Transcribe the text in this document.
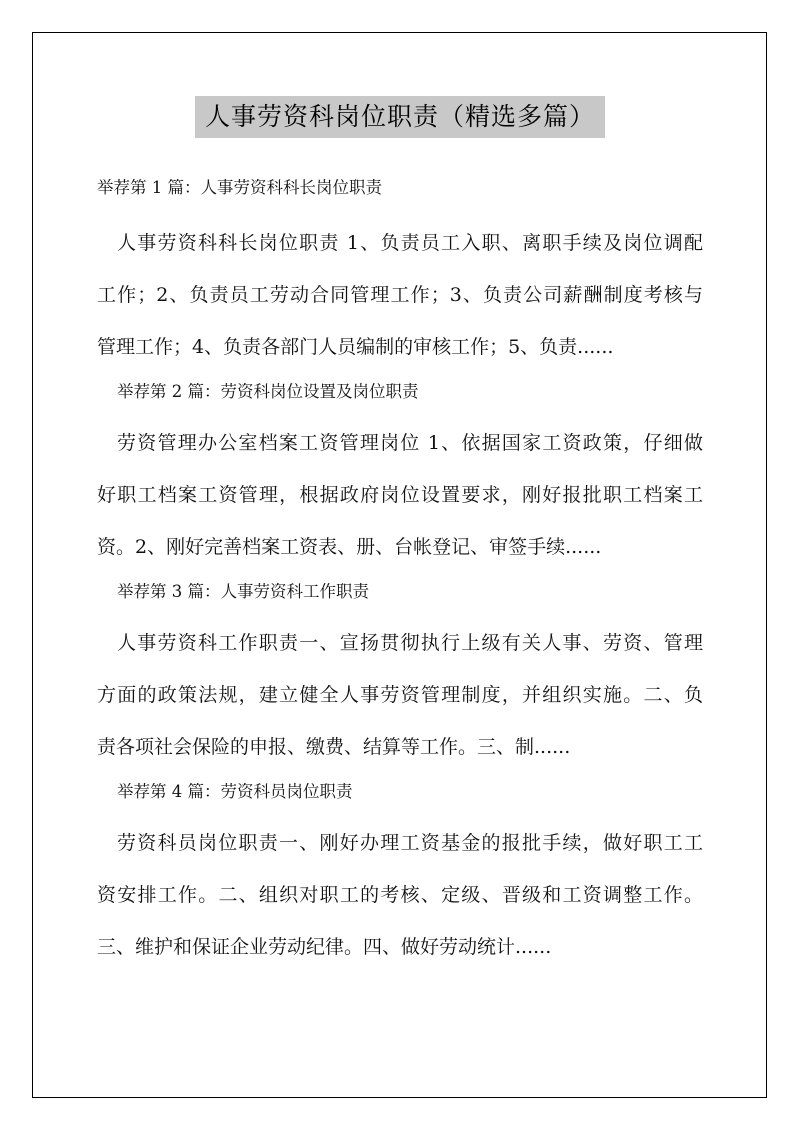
人事劳资科岗位职责（精选多篇）
举荐第 1 篇：人事劳资科科长岗位职责
人事劳资科科长岗位职责 1、负责员工入职、离职手续及岗位调配
工作；2、负责员工劳动合同管理工作；3、负责公司薪酬制度考核与
管理工作；4、负责各部门人员编制的审核工作；5、负责......
举荐第 2 篇：劳资科岗位设置及岗位职责
劳资管理办公室档案工资管理岗位 1、依据国家工资政策，仔细做
好职工档案工资管理，根据政府岗位设置要求，刚好报批职工档案工
资。2、刚好完善档案工资表、册、台帐登记、审签手续......
举荐第 3 篇：人事劳资科工作职责
人事劳资科工作职责一、宣扬贯彻执行上级有关人事、劳资、管理
方面的政策法规，建立健全人事劳资管理制度，并组织实施。二、负
责各项社会保险的申报、缴费、结算等工作。三、制......
举荐第 4 篇：劳资科员岗位职责
劳资科员岗位职责一、刚好办理工资基金的报批手续，做好职工工
资安排工作。二、组织对职工的考核、定级、晋级和工资调整工作。
三、维护和保证企业劳动纪律。四、做好劳动统计......
